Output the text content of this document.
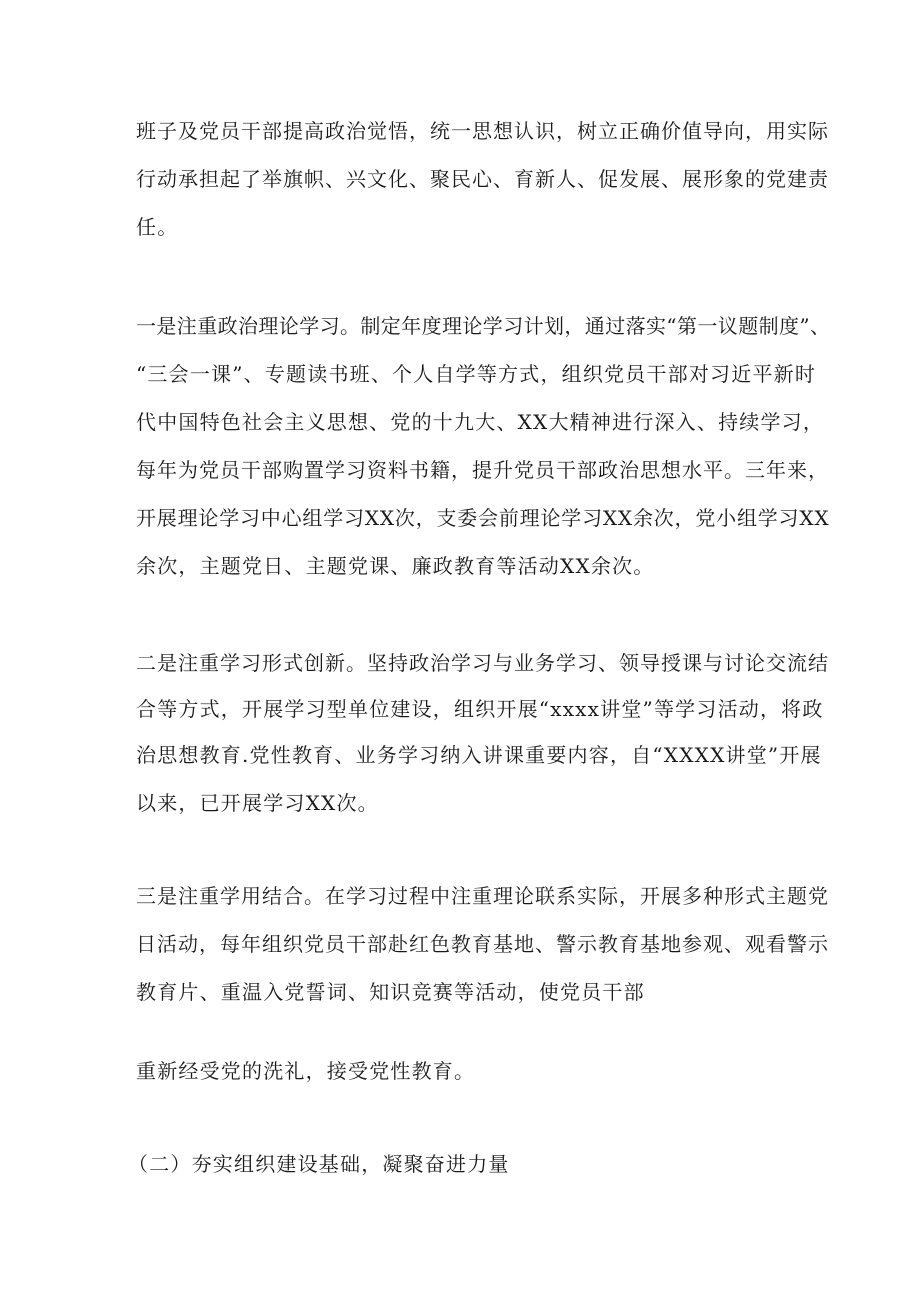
班子及党员干部提高政治觉悟，统一思想认识，树立正确价值导向，用实际
行动承担起了举旗帜、兴文化、聚民心、育新人、促发展、展形象的党建责
任。
一是注重政治理论学习。制定年度理论学习计划，通过落实“第一议题制度”、
“三会一课”、专题读书班、个人自学等方式，组织党员干部对习近平新时
代中国特色社会主义思想、党的十九大、XX大精神进行深入、持续学习，
每年为党员干部购置学习资料书籍，提升党员干部政治思想水平。三年来，
开展理论学习中心组学习XX次，支委会前理论学习XX余次，党小组学习XX
余次，主题党日、主题党课、廉政教育等活动XX余次。
二是注重学习形式创新。坚持政治学习与业务学习、领导授课与讨论交流结
合等方式，开展学习型单位建设，组织开展“xxxx讲堂”等学习活动，将政
治思想教育.党性教育、业务学习纳入讲课重要内容，自“XXXX讲堂”开展
以来，已开展学习XX次。
三是注重学用结合。在学习过程中注重理论联系实际，开展多种形式主题党
日活动，每年组织党员干部赴红色教育基地、警示教育基地参观、观看警示
教育片、重温入党誓词、知识竞赛等活动，使党员干部
重新经受党的洗礼，接受党性教育。
（二）夯实组织建设基础，凝聚奋进力量
